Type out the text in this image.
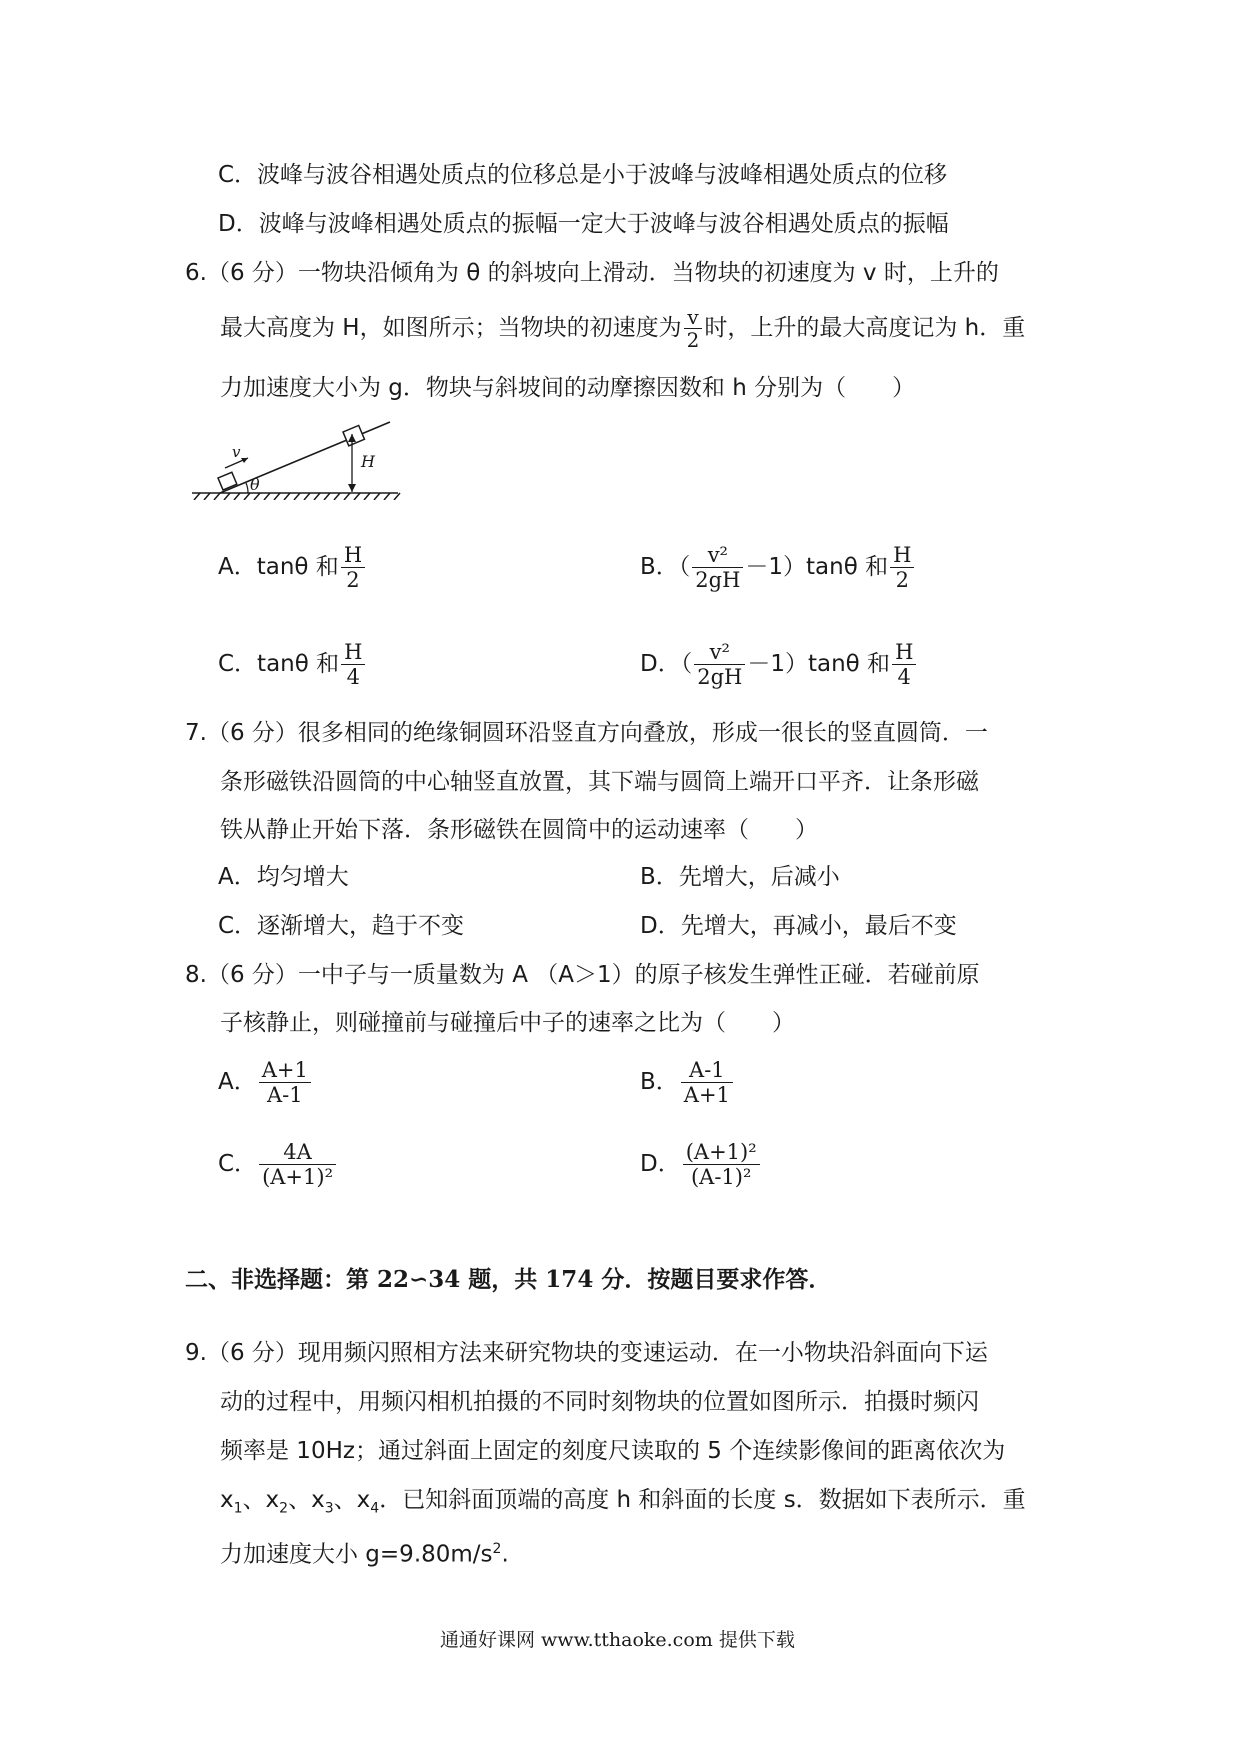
C．波峰与波谷相遇处质点的位移总是小于波峰与波峰相遇处质点的位移
D．波峰与波峰相遇处质点的振幅一定大于波峰与波谷相遇处质点的振幅
6.（6 分）一物块沿倾角为 θ 的斜坡向上滑动．当物块的初速度为 v 时，上升的
最大高度为 H，如图所示；当物块的初速度为 $\frac{v}{2}$ 时，上升的最大高度记为 h．重
力加速度大小为 g．物块与斜坡间的动摩擦因数和 h 分别为（　　）
v
θ
H
A．tanθ 和 $\frac{H}{2}$	B．（ $\frac{\text{v²}}{2gH} -1)\tan\theta$ 和 $\frac{H}{2}$
C．tanθ 和 $\frac{H}{4}$	D．（ $\frac{\text{v²}}{2gH} -1)\tan\theta$ 和 $\frac{H}{4}$
7.（6 分）很多相同的绝缘铜圆环沿竖直方向叠放，形成一很长的竖直圆筒．一
条形磁铁沿圆筒的中心轴竖直放置，其下端与圆筒上端开口平齐．让条形磁
铁从静止开始下落．条形磁铁在圆筒中的运动速率（　　）
A．均匀增大	B．先增大，后减小
C．逐渐增大，趋于不变	D．先增大，再减小，最后不变
8.（6 分）一中子与一质量数为 A （A＞1）的原子核发生弹性正碰．若碰前原
子核静止，则碰撞前与碰撞后中子的速率之比为（　　）
A． $\frac{A+1}{A-1}$	B． $\frac{A-1}{A+1}$
C． $\frac{4A}{\text{(A+1)²}}$	D． $\frac{\text{(A+1)²}}{\text{(A-1)²}}$
二、非选择题：第 22∽34 题，共 174 分．按题目要求作答．
9.（6 分）现用频闪照相方法来研究物块的变速运动．在一小物块沿斜面向下运
动的过程中，用频闪相机拍摄的不同时刻物块的位置如图所示．拍摄时频闪
频率是 10Hz；通过斜面上固定的刻度尺读取的 5 个连续影像间的距离依次为
$x_1$、$x_2$、$x_3$、$x_4$．已知斜面顶端的高度 h 和斜面的长度 s．数据如下表所示．重
力加速度大小 $g=9.80m/s^2$.
通通好课网 www.tthaoke.com 提供下载
